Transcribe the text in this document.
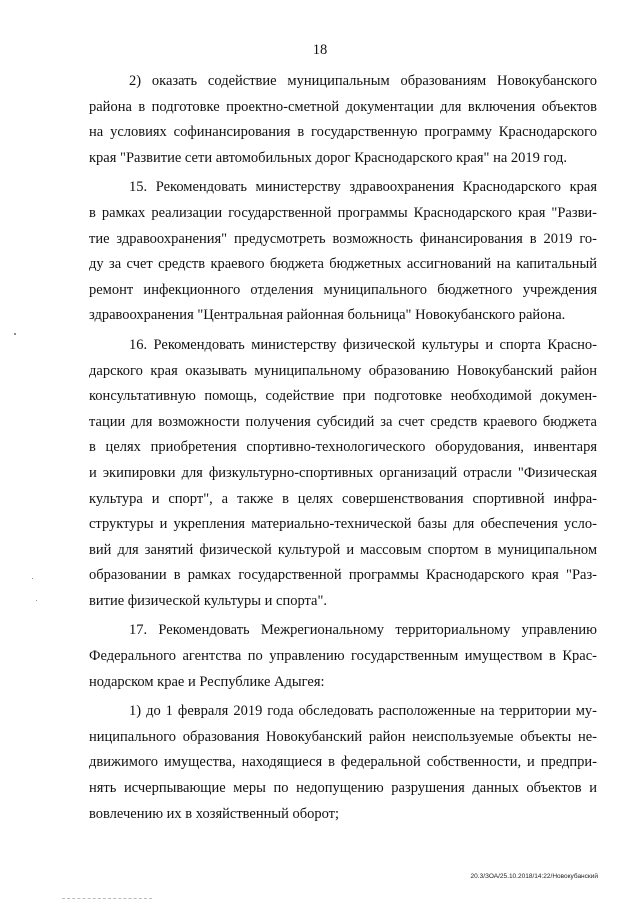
18
2) оказать содействие муниципальным образованиям Новокубанского
района в подготовке проектно-сметной документации для включения объектов
на условиях софинансирования в государственную программу Краснодарского
края "Развитие сети автомобильных дорог Краснодарского края" на 2019 год.
15. Рекомендовать министерству здравоохранения Краснодарского края
в рамках реализации государственной программы Краснодарского края "Разви-
тие здравоохранения" предусмотреть возможность финансирования в 2019 го-
ду за счет средств краевого бюджета бюджетных ассигнований на капитальный
ремонт инфекционного отделения муниципального бюджетного учреждения
здравоохранения "Центральная районная больница" Новокубанского района.
16. Рекомендовать министерству физической культуры и спорта Красно-
дарского края оказывать муниципальному образованию Новокубанский район
консультативную помощь, содействие при подготовке необходимой докумен-
тации для возможности получения субсидий за счет средств краевого бюджета
в целях приобретения спортивно-технологического оборудования, инвентаря
и экипировки для физкультурно-спортивных организаций отрасли "Физическая
культура и спорт", а также в целях совершенствования спортивной инфра-
структуры и укрепления материально-технической базы для обеспечения усло-
вий для занятий физической культурой и массовым спортом в муниципальном
образовании в рамках государственной программы Краснодарского края "Раз-
витие физической культуры и спорта".
17. Рекомендовать Межрегиональному территориальному управлению
Федерального агентства по управлению государственным имуществом в Крас-
нодарском крае и Республике Адыгея:
1) до 1 февраля 2019 года обследовать расположенные на территории му-
ниципального образования Новокубанский район неиспользуемые объекты не-
движимого имущества, находящиеся в федеральной собственности, и предпри-
нять исчерпывающие меры по недопущению разрушения данных объектов и
вовлечению их в хозяйственный оборот;
20.3/ЗОА/25.10.2018/14:22/Новокубанский
